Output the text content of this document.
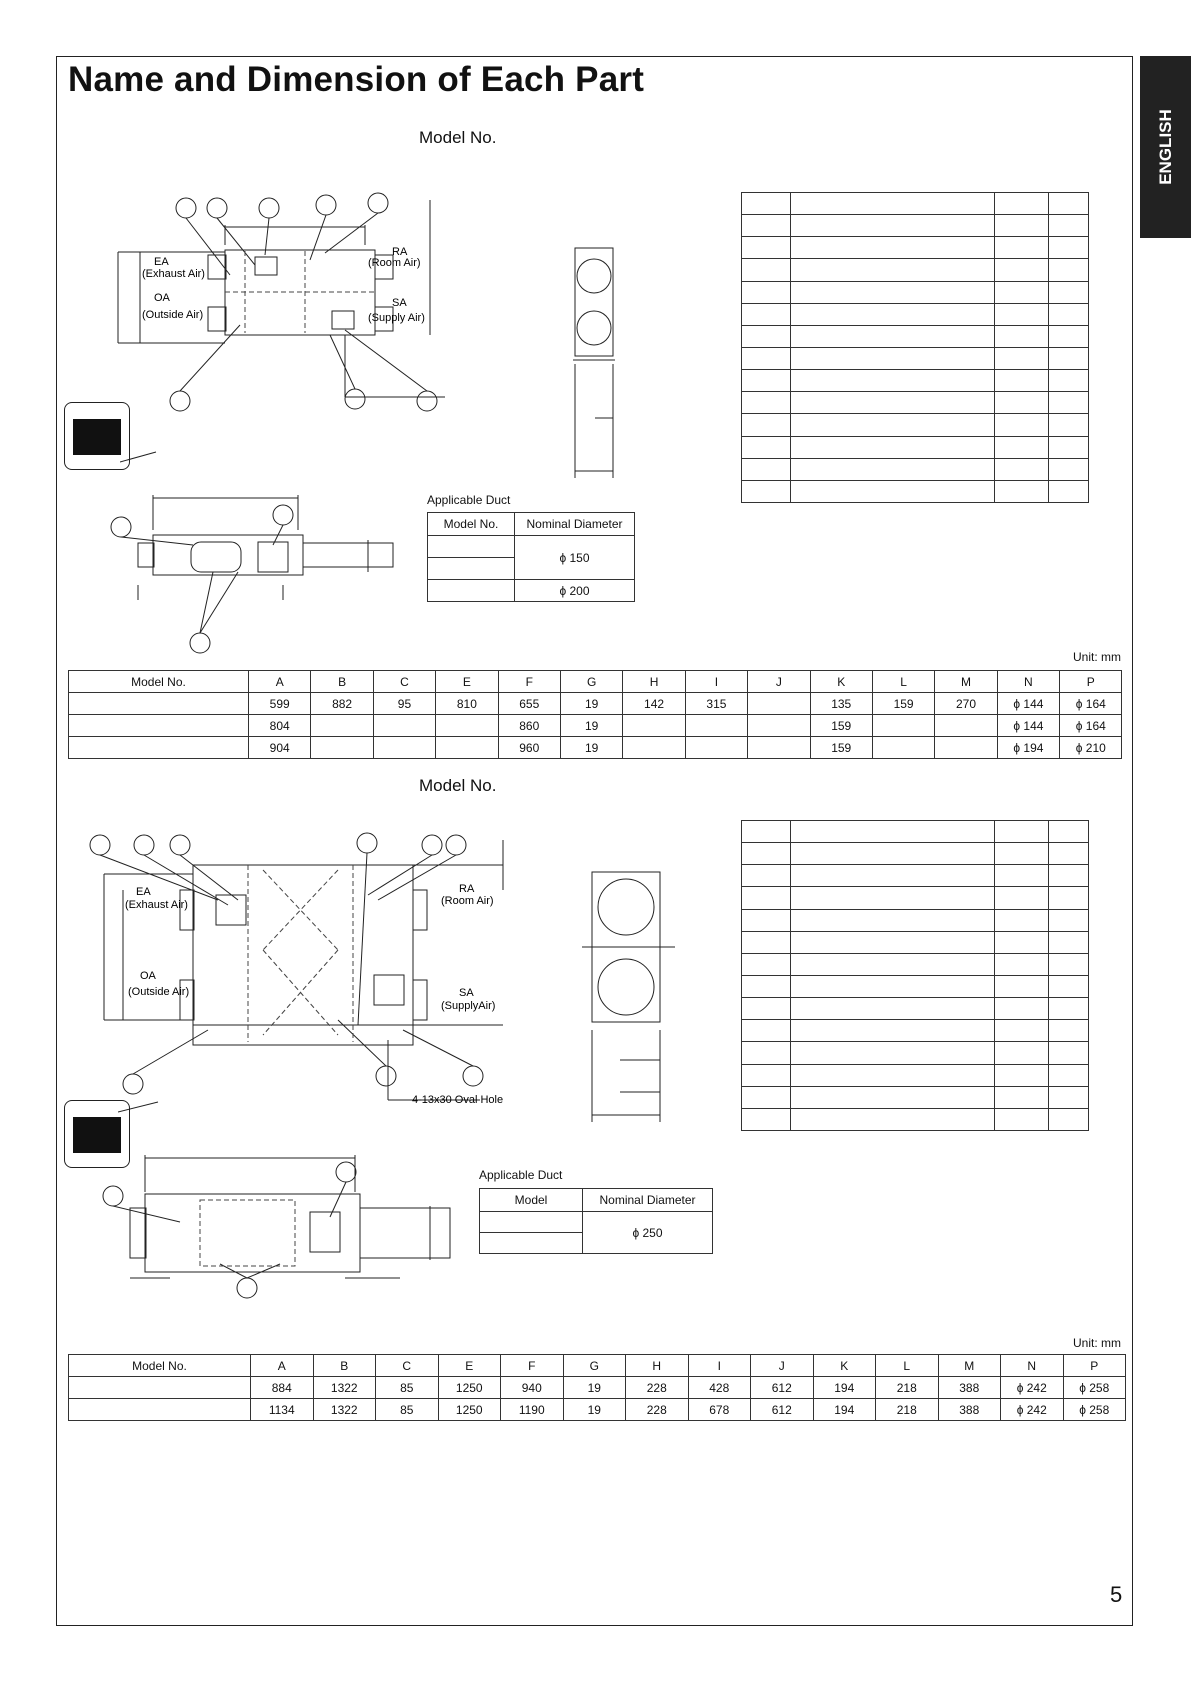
Name and Dimension of Each Part
ENGLISH
Model No.
EA
(Exhaust Air)
OA
(Outside Air)
RA
(Room Air)
SA
(Supply Air)
Applicable Duct
Model No.	Nominal Diameter
	ϕ 150

	ϕ 200

Unit: mm
Model No.	A	B	C	E	F	G	H	I	J	K	L	M	N	P
	599	882	95	810	655	19	142	315		135	159	270	ϕ 144	ϕ 164
	804				860	19				159			ϕ 144	ϕ 164
	904				960	19				159			ϕ 194	ϕ 210
Model No.
EA
(Exhaust Air)
OA
(Outside Air)
RA
(Room Air)
SA
(SupplyAir)
4-13x30 Oval Hole
Applicable Duct
Model	Nominal Diameter
	ϕ 250

Unit: mm
Model No.	A	B	C	E	F	G	H	I	J	K	L	M	N	P
	884	1322	85	1250	940	19	228	428	612	194	218	388	ϕ 242	ϕ 258
	1134	1322	85	1250	1190	19	228	678	612	194	218	388	ϕ 242	ϕ 258
5
